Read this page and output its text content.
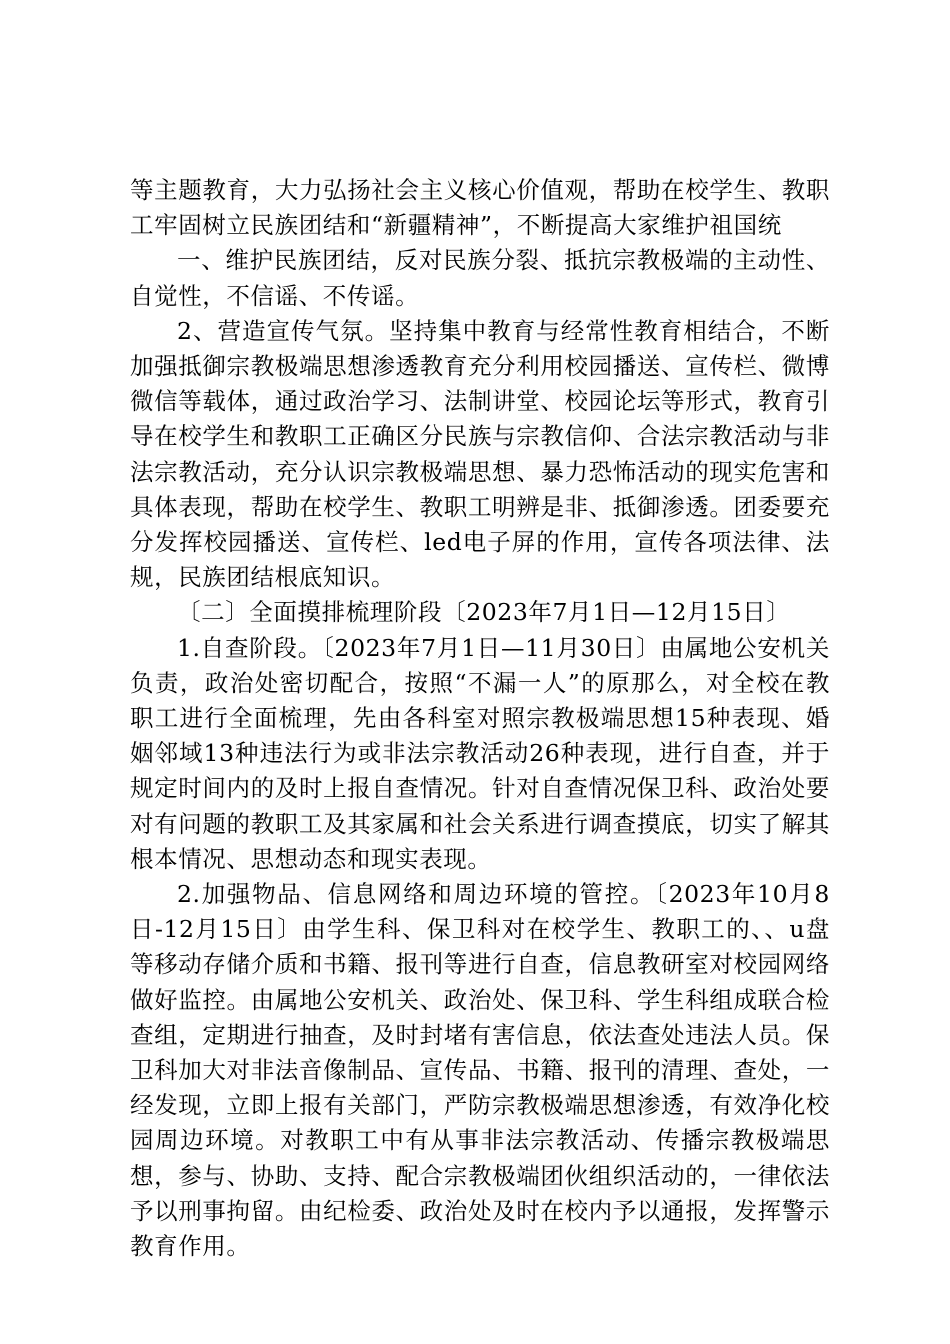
等主题教育，大力弘扬社会主义核心价值观，帮助在校学生、教职工牢固树立民族团结和“新疆精神”，不断提高大家维护祖国统

一、维护民族团结，反对民族分裂、抵抗宗教极端的主动性、自觉性，不信谣、不传谣。

2、营造宣传气氛。坚持集中教育与经常性教育相结合，不断加强抵御宗教极端思想渗透教育充分利用校园播送、宣传栏、微博微信等载体，通过政治学习、法制讲堂、校园论坛等形式，教育引导在校学生和教职工正确区分民族与宗教信仰、合法宗教活动与非法宗教活动，充分认识宗教极端思想、暴力恐怖活动的现实危害和具体表现，帮助在校学生、教职工明辨是非、抵御渗透。团委要充分发挥校园播送、宣传栏、led电子屏的作用，宣传各项法律、法规，民族团结根底知识。

〔二〕全面摸排梳理阶段〔2023年7月1日—12月15日〕

1.自查阶段。〔2023年7月1日—11月30日〕由属地公安机关负责，政治处密切配合，按照“不漏一人”的原那么，对全校在教职工进行全面梳理，先由各科室对照宗教极端思想15种表现、婚姻邻域13种违法行为或非法宗教活动26种表现，进行自查，并于规定时间内的及时上报自查情况。针对自查情况保卫科、政治处要对有问题的教职工及其家属和社会关系进行调查摸底，切实了解其根本情况、思想动态和现实表现。

2.加强物品、信息网络和周边环境的管控。〔2023年10月8日-12月15日〕由学生科、保卫科对在校学生、教职工的、、u盘等移动存储介质和书籍、报刊等进行自查，信息教研室对校园网络做好监控。由属地公安机关、政治处、保卫科、学生科组成联合检查组，定期进行抽查，及时封堵有害信息，依法查处违法人员。保卫科加大对非法音像制品、宣传品、书籍、报刊的清理、查处，一经发现，立即上报有关部门，严防宗教极端思想渗透，有效净化校园周边环境。对教职工中有从事非法宗教活动、传播宗教极端思想，参与、协助、支持、配合宗教极端团伙组织活动的，一律依法予以刑事拘留。由纪检委、政治处及时在校内予以通报，发挥警示教育作用。
